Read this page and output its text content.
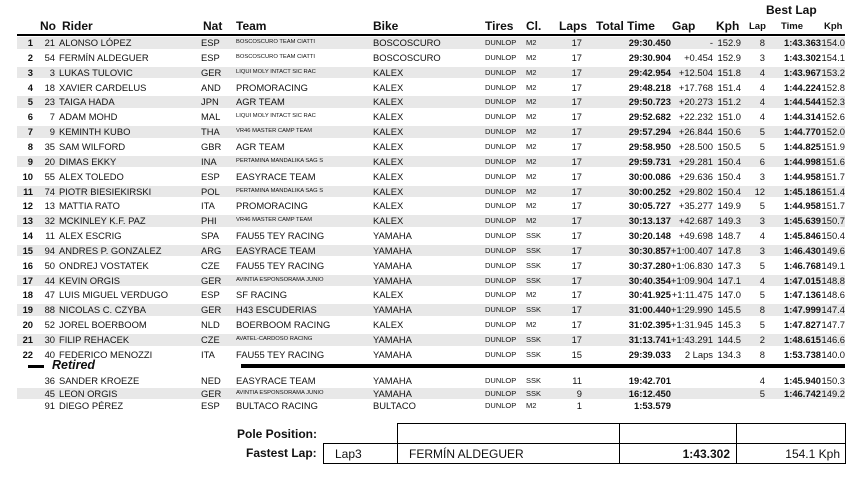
Best Lap
No Rider	Nat Team	Bike	Tires Cl. Laps Total Time Gap Kph Lap Time Kph
1	21 ALONSO LÓPEZ	ESP	BOSCOSCURO TEAM CIATTI	BOSCOSCURO	DUNLOP	M2	17	29:30.450	- 152.9	8	1:43.363 154.0
2	54 FERMÍN ALDEGUER	ESP	BOSCOSCURO TEAM CIATTI	BOSCOSCURO	DUNLOP	M2	17	29:30.904	+0.454 152.9	3	1:43.302 154.1
3	3 LUKAS TULOVIC	GER	LIQUI MOLY INTACT SIC RAC	KALEX	DUNLOP	M2	17	29:42.954 +12.504 151.8	4	1:43.967 153.2
4	18 XAVIER CARDELUS	AND	PROMORACING	KALEX	DUNLOP	M2	17	29:48.218 +17.768 151.4	4	1:44.224 152.8
5	23 TAIGA HADA	JPN	AGR TEAM	KALEX	DUNLOP	M2	17	29:50.723 +20.273 151.2	4	1:44.544 152.3
6	7 ADAM MOHD	MAL	LIQUI MOLY INTACT SIC RAC	KALEX	DUNLOP	M2	17	29:52.682 +22.232 151.0	4	1:44.314 152.6
7	9 KEMINTH KUBO	THA	VR46 MASTER CAMP TEAM	KALEX	DUNLOP	M2	17	29:57.294 +26.844 150.6	5	1:44.770 152.0
8	35 SAM WILFORD	GBR	AGR TEAM	KALEX	DUNLOP	M2	17	29:58.950 +28.500 150.5	5	1:44.825 151.9
9	20 DIMAS EKKY	INA	PERTAMINA MANDALIKA SAG S	KALEX	DUNLOP	M2	17	29:59.731 +29.281 150.4	6	1:44.998 151.6
10	55 ALEX TOLEDO	ESP	EASYRACE TEAM	KALEX	DUNLOP	M2	17	30:00.086 +29.636 150.4	3	1:44.958 151.7
11	74 PIOTR BIESIEKIRSKI	POL	PERTAMINA MANDALIKA SAG S	KALEX	DUNLOP	M2	17	30:00.252 +29.802 150.4	12	1:45.186 151.4
12	13 MATTIA RATO	ITA	PROMORACING	KALEX	DUNLOP	M2	17	30:05.727 +35.277 149.9	5	1:44.958 151.7
13	32 MCKINLEY K.F. PAZ	PHI	VR46 MASTER CAMP TEAM	KALEX	DUNLOP	M2	17	30:13.137 +42.687 149.3	3	1:45.639 150.7
14	11 ALEX ESCRIG	SPA	FAU55 TEY RACING	YAMAHA	DUNLOP	SSK	17	30:20.148 +49.698 148.7	4	1:45.846 150.4
15	94 ANDRES P. GONZALEZ	ARG	EASYRACE TEAM	YAMAHA	DUNLOP	SSK	17	30:30.857 +1:00.407 147.8	3	1:46.430 149.6
16	50 ONDREJ VOSTATEK	CZE	FAU55 TEY RACING	YAMAHA	DUNLOP	SSK	17	30:37.280 +1:06.830 147.3	5	1:46.768 149.1
17	44 KEVIN ORGIS	GER	AVINTIA ESPONSORAMA JUNIO	YAMAHA	DUNLOP	SSK	17	30:40.354 +1:09.904 147.1	4	1:47.015 148.8
18	47 LUIS MIGUEL VERDUGO	ESP	SF RACING	KALEX	DUNLOP	M2	17	30:41.925 +1:11.475 147.0	5	1:47.136 148.6
19	88 NICOLAS C. CZYBA	GER	H43 ESCUDERIAS	YAMAHA	DUNLOP	SSK	17	31:00.440 +1:29.990 145.5	8	1:47.999 147.4
20	52 JOREL BOERBOOM	NLD	BOERBOOM RACING	KALEX	DUNLOP	M2	17	31:02.395 +1:31.945 145.3	5	1:47.827 147.7
21	30 FILIP REHACEK	CZE	AVATEL-CARDOSO RACING	YAMAHA	DUNLOP	SSK	17	31:13.741 +1:43.291 144.5	2	1:48.615 146.6
22	40 FEDERICO MENOZZI	ITA	FAU55 TEY RACING	YAMAHA	DUNLOP	SSK	15	29:39.033	2 Laps 134.3	8	1:53.738 140.0
Retired
36 SANDER KROEZE	NED	EASYRACE TEAM	YAMAHA	DUNLOP	SSK	11	19:42.701	4	1:45.940 150.3
45 LEON ORGIS	GER	AVINTIA ESPONSORAMA JUNIO	YAMAHA	DUNLOP	SSK	9	16:12.450	5	1:46.742 149.2
91 DIEGO PÉREZ	ESP	BULTACO RACING	BULTACO	DUNLOP	M2	1	1:53.579
Pole Position:
Fastest Lap: Lap3	FERMÍN ALDEGUER	1:43.302	154.1 Kph
